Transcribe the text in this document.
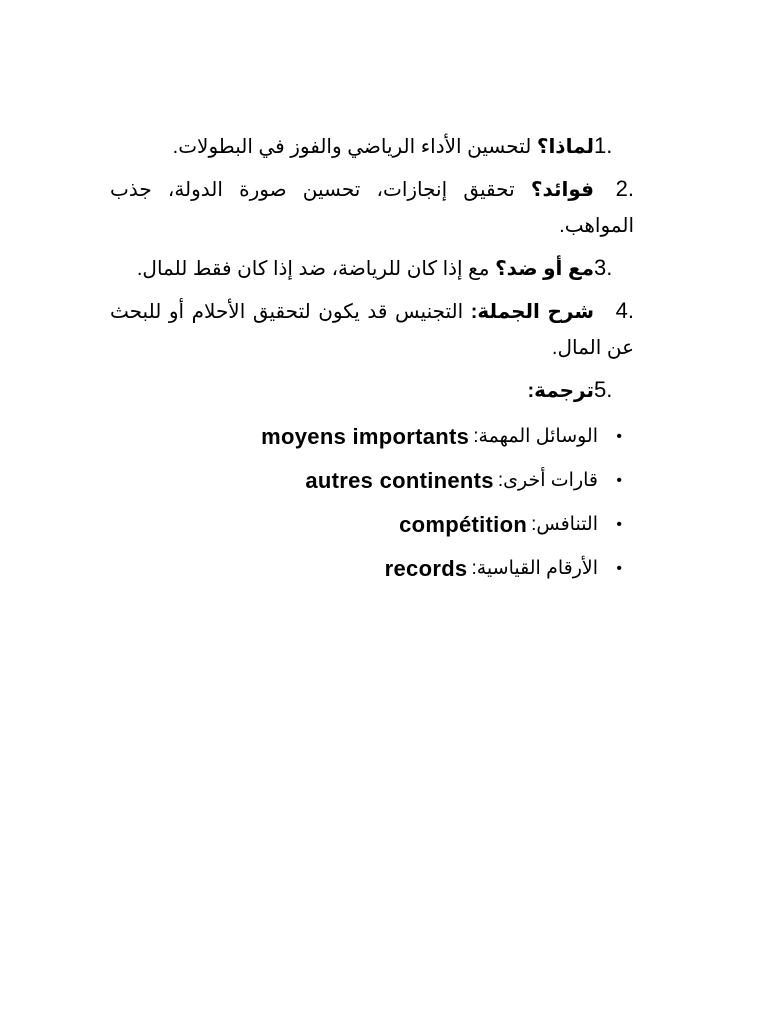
1.لماذا؟ لتحسين الأداء الرياضي والفوز في البطولات.
2.فوائد؟ تحقيق إنجازات، تحسين صورة الدولة، جذب المواهب.
3.مع أو ضد؟ مع إذا كان للرياضة، ضد إذا كان فقط للمال.
4.شرح الجملة: التجنيس قد يكون لتحقيق الأحلام أو للبحث عن المال.
5.ترجمة:
•
الوسائل المهمة
:
moyens importants
•
قارات أخرى
:
autres continents
•
التنافس
:
compétition
•
الأرقام القياسية
:
records
